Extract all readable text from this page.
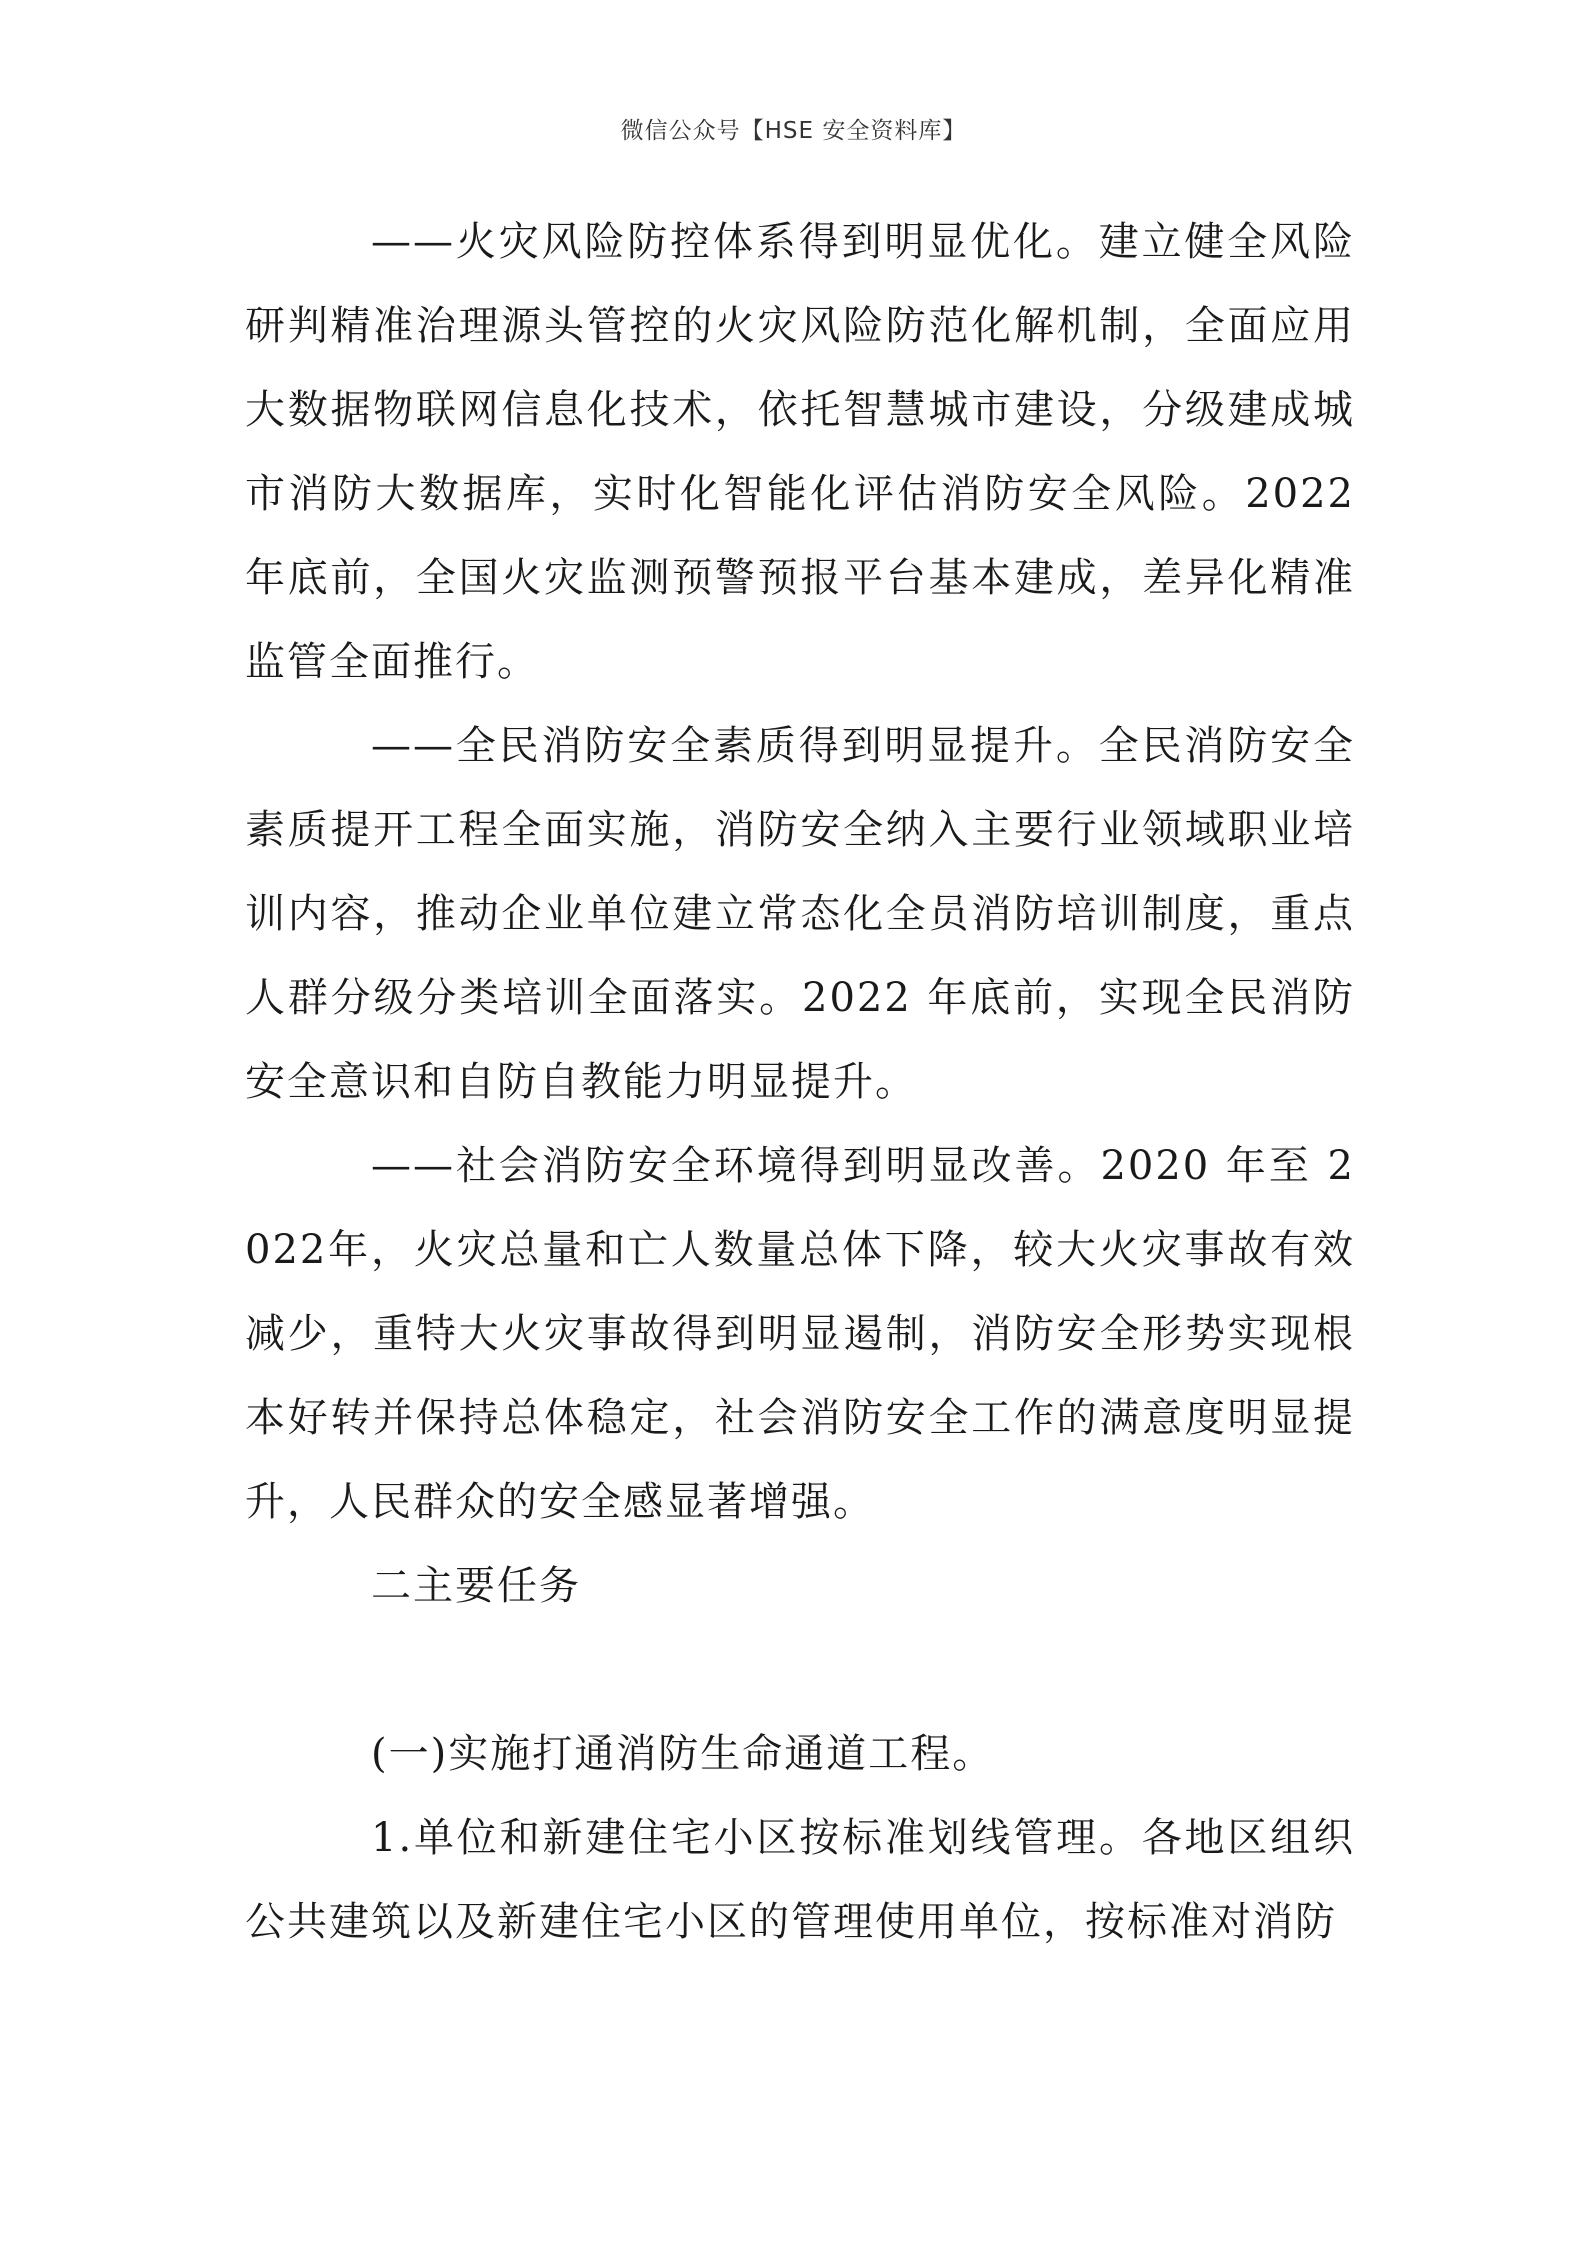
微信公众号【HSE 安全资料库】

——火灾风险防控体系得到明显优化。建立健全风险研判精准治理源头管控的火灾风险防范化解机制，全面应用大数据物联网信息化技术，依托智慧城市建设，分级建成城市消防大数据库，实时化智能化评估消防安全风险。2022 年底前，全国火灾监测预警预报平台基本建成，差异化精准监管全面推行。

——全民消防安全素质得到明显提升。全民消防安全素质提开工程全面实施，消防安全纳入主要行业领域职业培训内容，推动企业单位建立常态化全员消防培训制度，重点人群分级分类培训全面落实。2022 年底前，实现全民消防安全意识和自防自教能力明显提升。

——社会消防安全环境得到明显改善。2020 年至 2022年，火灾总量和亡人数量总体下降，较大火灾事故有效减少，重特大火灾事故得到明显遏制，消防安全形势实现根本好转并保持总体稳定，社会消防安全工作的满意度明显提升，人民群众的安全感显著增强。

二主要任务

(一)实施打通消防生命通道工程。

1.单位和新建住宅小区按标准划线管理。各地区组织公共建筑以及新建住宅小区的管理使用单位，按标准对消防
